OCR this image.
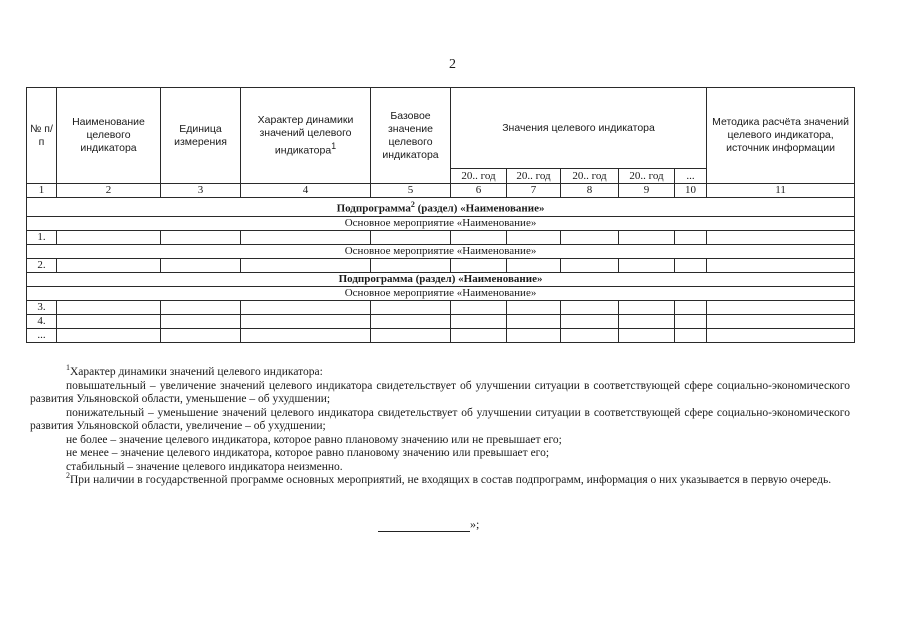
2
№ п/п	Наименование целевого индикатора	Единица измерения	Характер динамики значений целевого индикатора$^1$	Базовое значение целевого индикатора	Значения целевого индикатора					Методика расчёта значений целевого индикатора, источник информации
					20.. год	20.. год	20.. год	20.. год	...	
1	2	3	4	5	6	7	8	9	10	11
Подпрограмма$^2$ (раздел) «Наименование»										
Основное мероприятие «Наименование»										
1.										
Основное мероприятие «Наименование»										
2.										
Подпрограмма (раздел) «Наименование»										
Основное мероприятие «Наименование»										
3.										
4.										
...										

$^1$Характер динамики значений целевого индикатора:

повышательный – увеличение значений целевого индикатора свидетельствует об улучшении ситуации в соответствующей сфере социально-экономического развития Ульяновской области, уменьшение – об ухудшении;

понижательный – уменьшение значений целевого индикатора свидетельствует об улучшении ситуации в соответствующей сфере социально-экономического развития Ульяновской области, увеличение – об ухудшении;

не более – значение целевого индикатора, которое равно плановому значению или не превышает его;

не менее – значение целевого индикатора, которое равно плановому значению или превышает его;

стабильный – значение целевого индикатора неизменно.

$^2$При наличии в государственной программе основных мероприятий, не входящих в состав подпрограмм, информация о них указывается в первую очередь.

»;
